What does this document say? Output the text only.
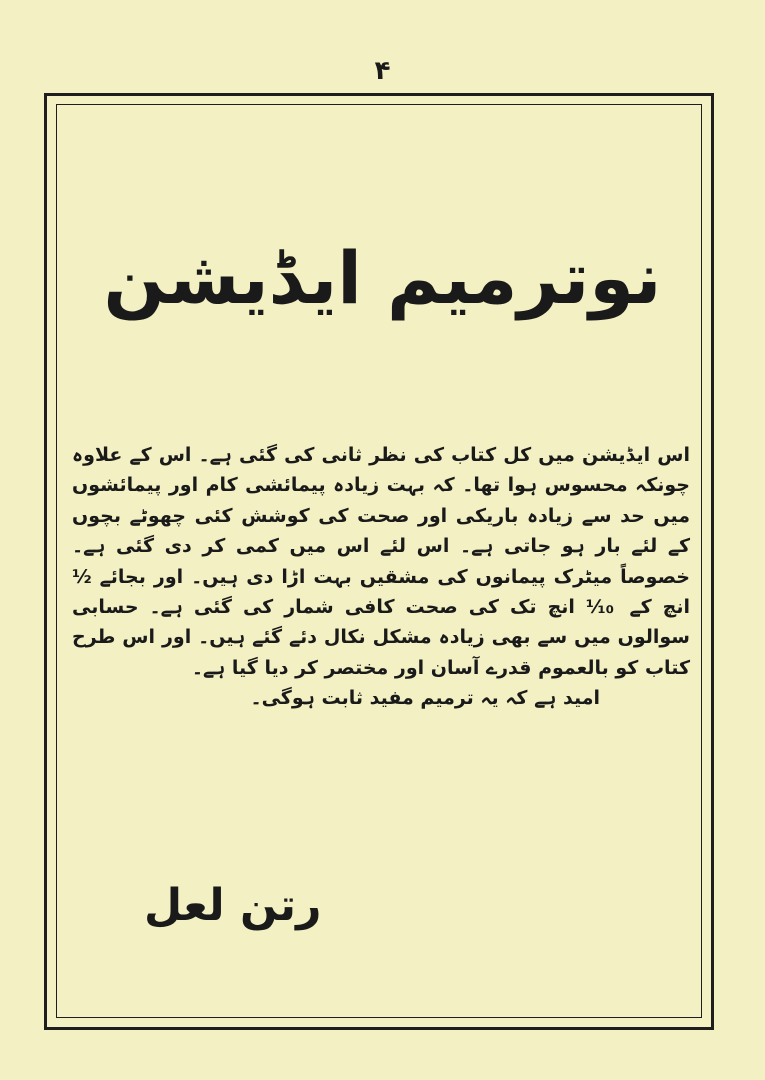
۴
نوترمیم ایڈیشن

اس ایڈیشن میں کل کتاب کی نظر ثانی کی گئی ہے۔ اس کے علاوہ چونکہ محسوس ہوا تھا۔ کہ بہت زیادہ پیمائشی کام اور پیمائشوں میں حد سے زیادہ باریکی اور صحت کی کوشش کئی چھوٹے بچوں کے لئے بار ہو جاتی ہے۔ اس لئے اس میں کمی کر دی گئی ہے۔ خصوصاً میٹرک پیمانوں کی مشقیں بہت اڑا دی ہیں۔ اور بجائے ½ انچ کے ⅒ انچ تک کی صحت کافی شمار کی گئی ہے۔ حسابی سوالوں میں سے بھی زیادہ مشکل نکال دئے گئے ہیں۔ اور اس طرح کتاب کو بالعموم قدرے آسان اور مختصر کر دیا گیا ہے۔

امید ہے کہ یہ ترمیم مفید ثابت ہوگی۔

رتن لعل
